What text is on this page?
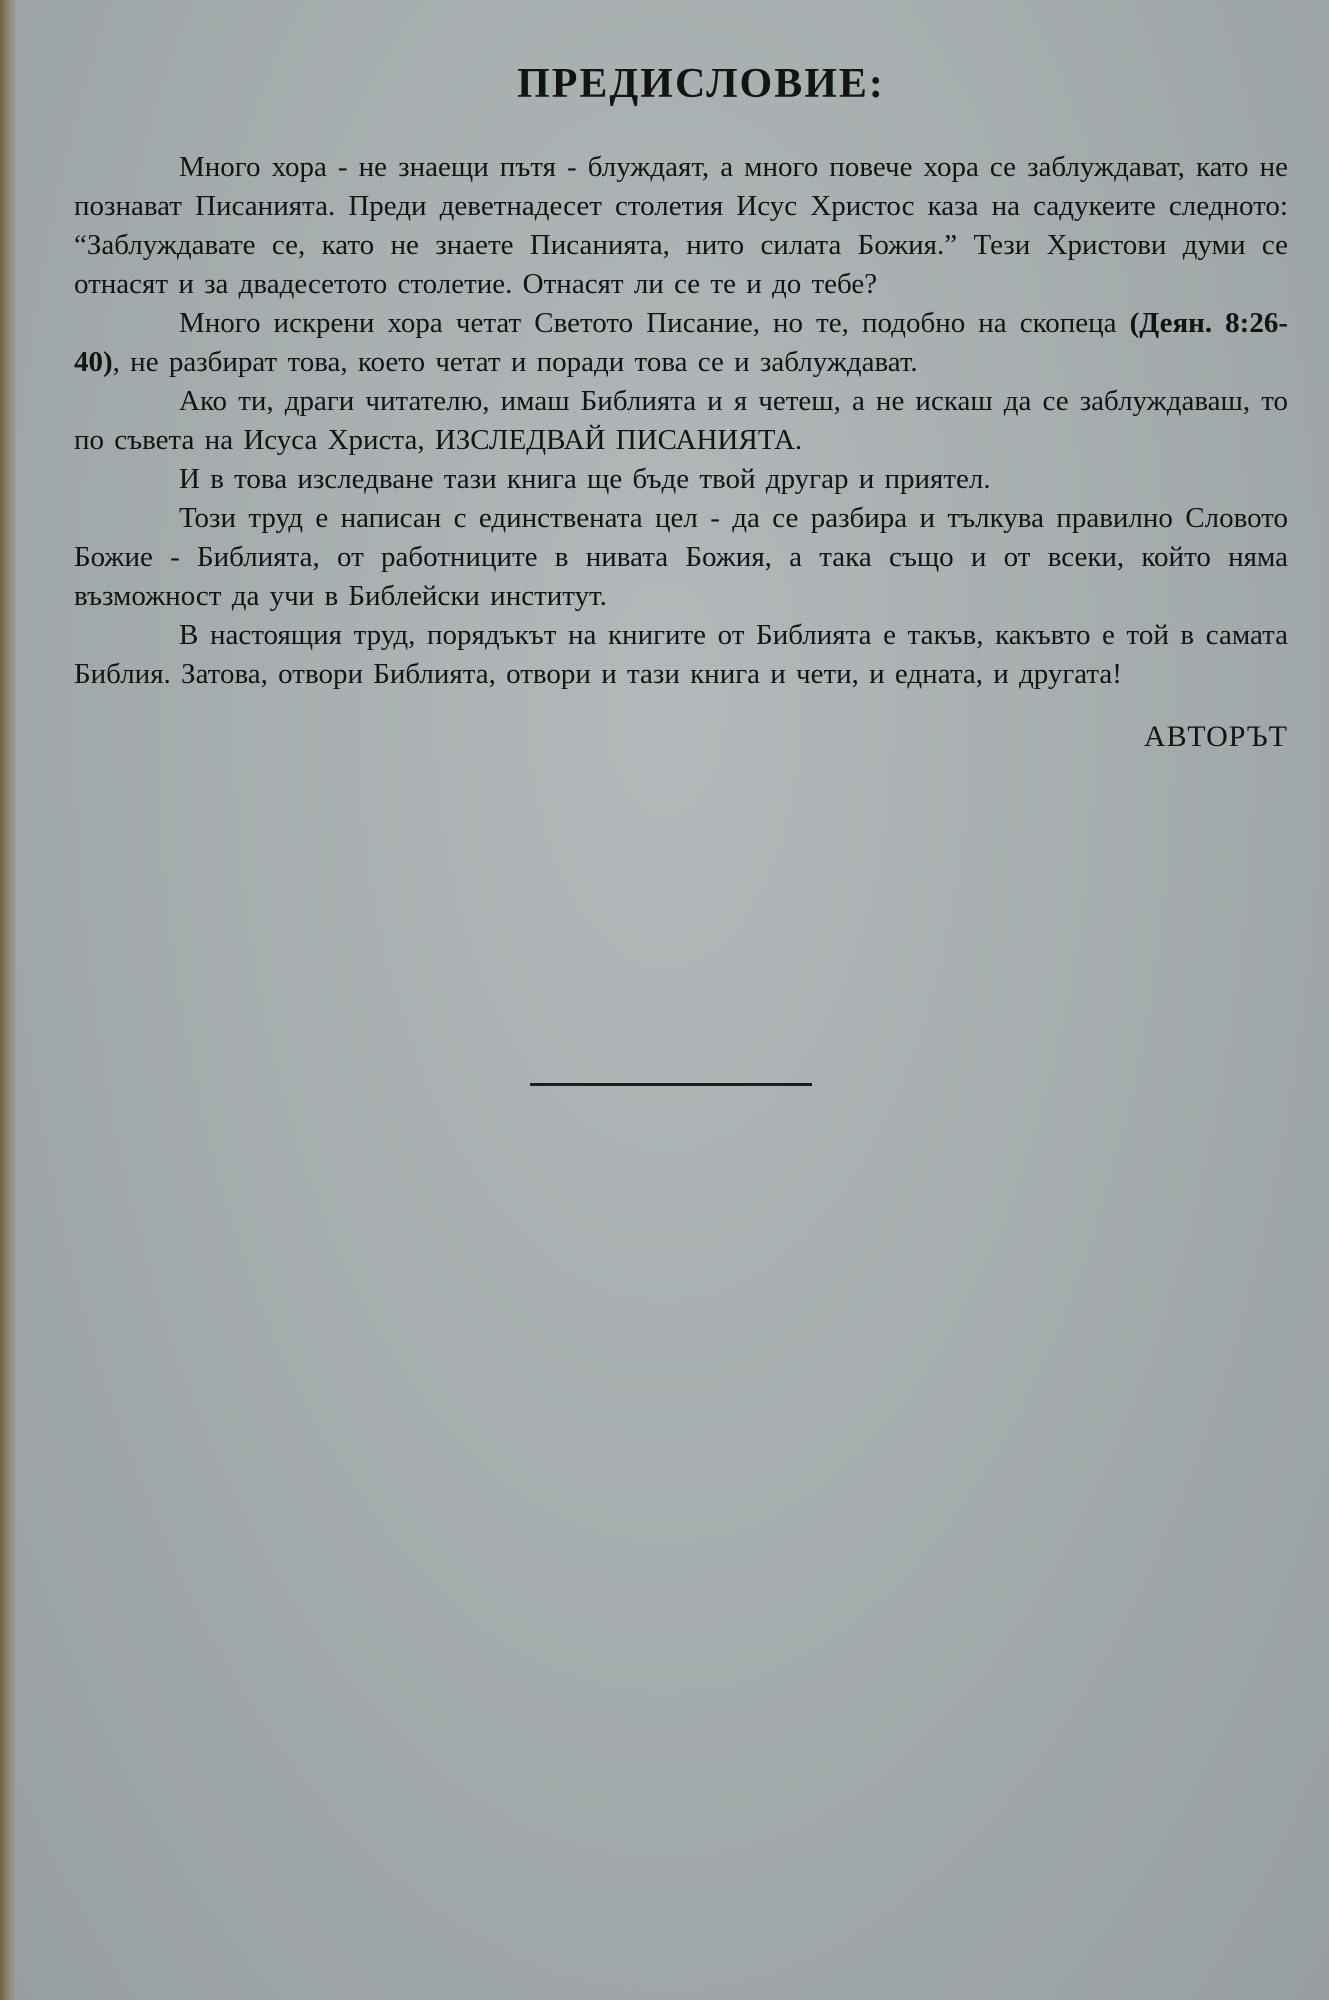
ПРЕДИСЛОВИЕ:

Много хора - не знаещи пътя - блуждаят, а много повече хора се заблуждават, като не познават Писанията. Преди деветнадесет столетия Исус Христос каза на садукеите следното: “Заблуждавате се, като не знаете Писанията, нито силата Божия.” Тези Христови думи се отнасят и за двадесетото столетие. Отнасят ли се те и до тебе?

Много искрени хора четат Светото Писание, но те, подобно на скопеца (Деян. 8:26-40), не разбират това, което четат и поради това се и заблуждават.

Ако ти, драги читателю, имаш Библията и я четеш, а не искаш да се заблуждаваш, то по съвета на Исуса Христа, ИЗСЛЕДВАЙ ПИСАНИЯТА.

И в това изследване тази книга ще бъде твой другар и приятел.

Този труд е написан с единствената цел - да се разбира и тълкува правилно Словото Божие - Библията, от работниците в нивата Божия, а така също и от всеки, който няма възможност да учи в Библейски институт.

В настоящия труд, порядъкът на книгите от Библията е такъв, какъвто е той в самата Библия. Затова, отвори Библията, отвори и тази книга и чети, и едната, и другата!

АВТОРЪТ
